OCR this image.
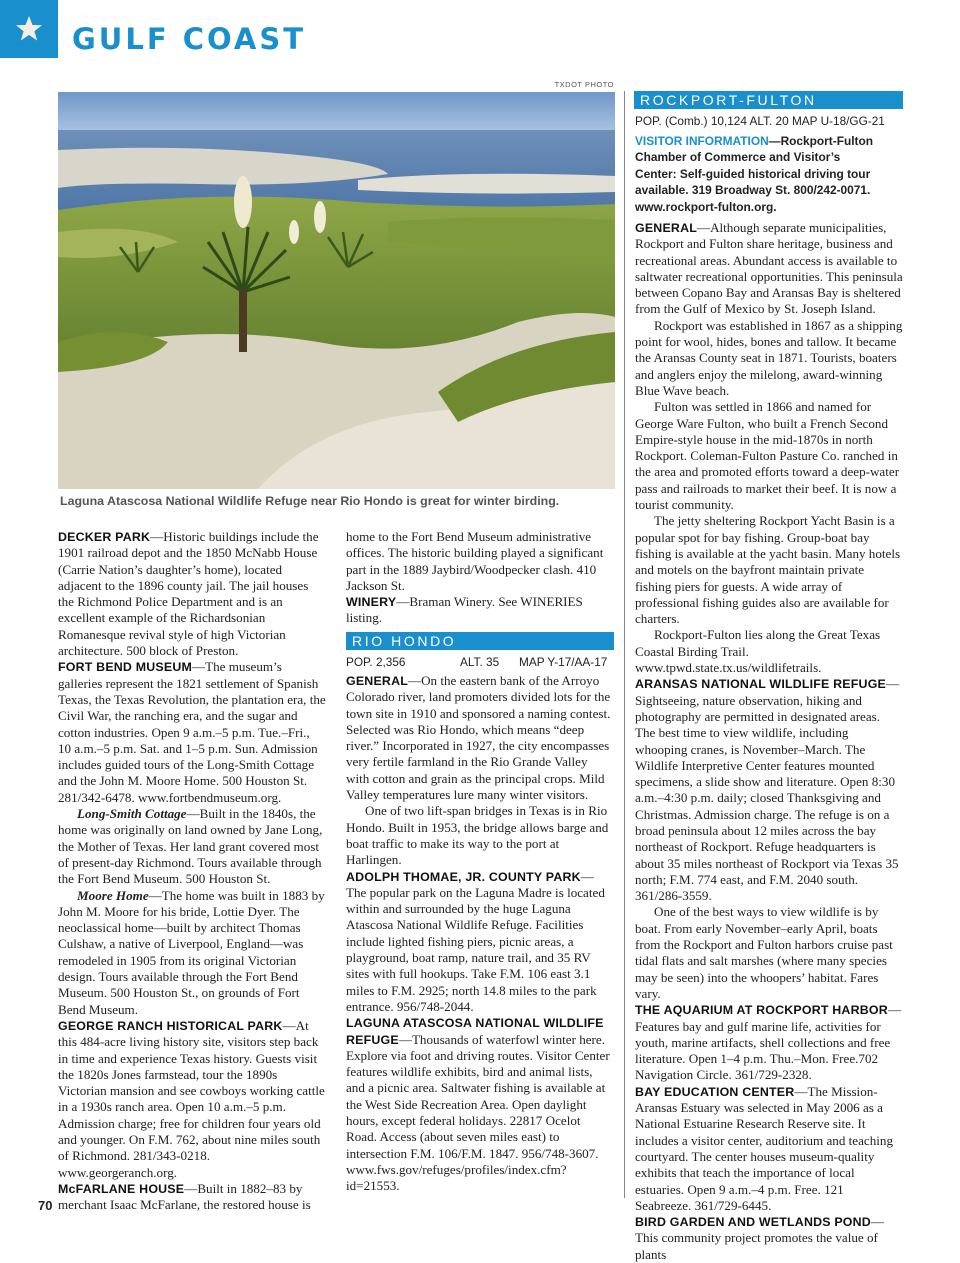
GULF COAST
TXDOT PHOTO
Laguna Atascosa National Wildlife Refuge near Rio Hondo is great for winter birding.

DECKER PARK—Historic buildings include the 1901 railroad depot and the 1850 McNabb House (Carrie Nation’s daughter’s home), located adjacent to the 1896 county jail. The jail houses the Richmond Police Department and is an excellent example of the Richardsonian Romanesque revival style of high Victorian architecture. 500 block of Preston.

FORT BEND MUSEUM—The museum’s galleries represent the 1821 settlement of Spanish Texas, the Texas Revolution, the plantation era, the Civil War, the ranching era, and the sugar and cotton industries. Open 9 a.m.–5 p.m. Tue.–Fri., 10 a.m.–5 p.m. Sat. and 1–5 p.m. Sun. Admission includes guided tours of the Long-Smith Cottage and the John M. Moore Home. 500 Houston St. 281/342-6478. www.fortbendmuseum.org.

Long-Smith Cottage—Built in the 1840s, the home was originally on land owned by Jane Long, the Mother of Texas. Her land grant covered most of present-day Richmond. Tours available through the Fort Bend Museum. 500 Houston St.

Moore Home—The home was built in 1883 by John M. Moore for his bride, Lottie Dyer. The neoclassical home—built by architect Thomas Culshaw, a native of Liverpool, England—was remodeled in 1905 from its original Victorian design. Tours available through the Fort Bend Museum. 500 Houston St., on grounds of Fort Bend Museum.

GEORGE RANCH HISTORICAL PARK—At this 484-acre living history site, visitors step back in time and experience Texas history. Guests visit the 1820s Jones farmstead, tour the 1890s Victorian mansion and see cowboys working cattle in a 1930s ranch area. Open 10 a.m.–5 p.m. Admission charge; free for children four years old and younger. On F.M. 762, about nine miles south of Richmond. 281/343-0218. www.georgeranch.org.

McFARLANE HOUSE—Built in 1882–83 by merchant Isaac McFarlane, the restored house is

home to the Fort Bend Museum administrative offices. The historic building played a significant part in the 1889 Jaybird/Woodpecker clash. 410 Jackson St.

WINERY—Braman Winery. See WINERIES listing.

RIO HONDO
POP. 2,356	ALT. 35 MAP Y-17/AA-17

GENERAL—On the eastern bank of the Arroyo Colorado river, land promoters divided lots for the town site in 1910 and sponsored a naming contest. Selected was Rio Hondo, which means “deep river.” Incorporated in 1927, the city encompasses very fertile farmland in the Rio Grande Valley with cotton and grain as the principal crops. Mild Valley temperatures lure many winter visitors.

One of two lift-span bridges in Texas is in Rio Hondo. Built in 1953, the bridge allows barge and boat traffic to make its way to the port at Harlingen.

ADOLPH THOMAE, JR. COUNTY PARK—The popular park on the Laguna Madre is located within and surrounded by the huge Laguna Atascosa National Wildlife Refuge. Facilities include lighted fishing piers, picnic areas, a playground, boat ramp, nature trail, and 35 RV sites with full hookups. Take F.M. 106 east 3.1 miles to F.M. 2925; north 14.8 miles to the park entrance. 956/748-2044.

LAGUNA ATASCOSA NATIONAL WILDLIFE REFUGE—Thousands of waterfowl winter here. Explore via foot and driving routes. Visitor Center features wildlife exhibits, bird and animal lists, and a picnic area. Saltwater fishing is available at the West Side Recreation Area. Open daylight hours, except federal holidays. 22817 Ocelot Road. Access (about seven miles east) to intersection F.M. 106/F.M. 1847. 956/748-3607. www.fws.gov/refuges/profiles/index.cfm?id=21553.

ROCKPORT-FULTON
POP. (Comb.) 10,124 ALT. 20 MAP U-18/GG-21
VISITOR INFORMATION—Rockport-Fulton Chamber of Commerce and Visitor’s Center: Self-guided historical driving tour available. 319 Broadway St. 800/242-0071. www.rockport-fulton.org.

GENERAL—Although separate municipalities, Rockport and Fulton share heritage, business and recreational areas. Abundant access is available to saltwater recreational opportunities. This peninsula between Copano Bay and Aransas Bay is sheltered from the Gulf of Mexico by St. Joseph Island.

Rockport was established in 1867 as a shipping point for wool, hides, bones and tallow. It became the Aransas County seat in 1871. Tourists, boaters and anglers enjoy the milelong, award-winning Blue Wave beach.

Fulton was settled in 1866 and named for George Ware Fulton, who built a French Second Empire-style house in the mid-1870s in north Rockport. Coleman-Fulton Pasture Co. ranched in the area and promoted efforts toward a deep-water pass and railroads to market their beef. It is now a tourist community.

The jetty sheltering Rockport Yacht Basin is a popular spot for bay fishing. Group-boat bay fishing is available at the yacht basin. Many hotels and motels on the bayfront maintain private fishing piers for guests. A wide array of professional fishing guides also are available for charters.

Rockport-Fulton lies along the Great Texas Coastal Birding Trail. www.tpwd.state.tx.us/wildlifetrails.

ARANSAS NATIONAL WILDLIFE REFUGE—Sightseeing, nature observation, hiking and photography are permitted in designated areas. The best time to view wildlife, including whooping cranes, is November–March. The Wildlife Interpretive Center features mounted specimens, a slide show and literature. Open 8:30 a.m.–4:30 p.m. daily; closed Thanksgiving and Christmas. Admission charge. The refuge is on a broad peninsula about 12 miles across the bay northeast of Rockport. Refuge headquarters is about 35 miles northeast of Rockport via Texas 35 north; F.M. 774 east, and F.M. 2040 south. 361/286-3559.

One of the best ways to view wildlife is by boat. From early November–early April, boats from the Rockport and Fulton harbors cruise past tidal flats and salt marshes (where many species may be seen) into the whoopers’ habitat. Fares vary.

THE AQUARIUM AT ROCKPORT HARBOR—Features bay and gulf marine life, activities for youth, marine artifacts, shell collections and free literature. Open 1–4 p.m. Thu.–Mon. Free.702 Navigation Circle. 361/729-2328.

BAY EDUCATION CENTER—The Mission-Aransas Estuary was selected in May 2006 as a National Estuarine Research Reserve site. It includes a visitor center, auditorium and teaching courtyard. The center houses museum-quality exhibits that teach the importance of local estuaries. Open 9 a.m.–4 p.m. Free. 121 Seabreeze. 361/729-6445.

BIRD GARDEN AND WETLANDS POND—This community project promotes the value of plants

70
